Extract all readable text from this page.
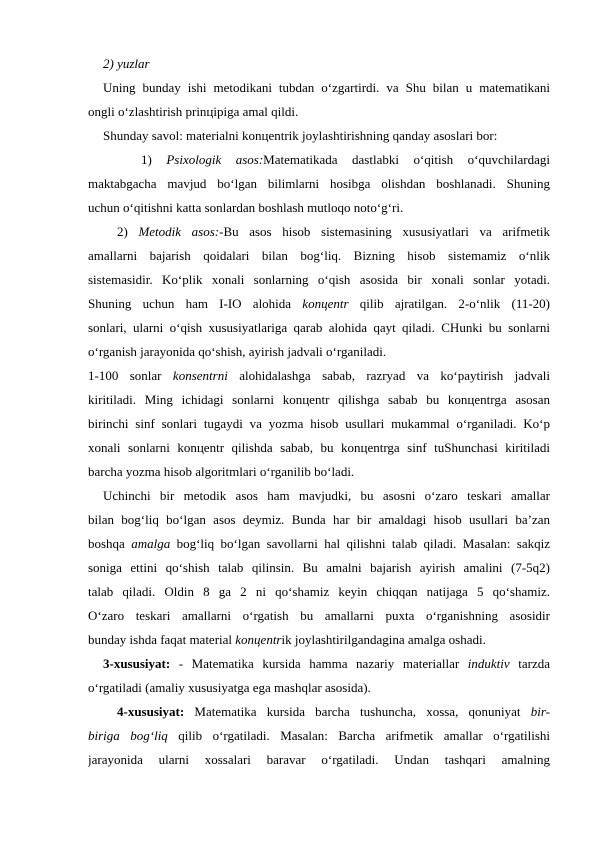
2) yuzlar
Uning bunday ishi metodikani tubdan o‘zgartirdi. va Shu bilan u matematikani
ongli o‘zlashtirish prinцipiga amal qildi.
Shunday savol: materialni konцentrik joylashtirishning qanday asoslari bor:
1) Psixologik asos:Matematikada dastlabki o‘qitish o‘quvchilardagi
maktabgacha mavjud bo‘lgan bilimlarni hosibga olishdan boshlanadi. Shuning
uchun o‘qitishni katta sonlardan boshlash mutloqo noto‘g‘ri.
2) Metodik asos:-Bu asos hisob sistemasining xususiyatlari va arifmetik
amallarni bajarish qoidalari bilan bog‘liq. Bizning hisob sistemamiz o‘nlik
sistemasidir. Ko‘plik xonali sonlarning o‘qish asosida bir xonali sonlar yotadi.
Shuning uchun ham I-IO alohida konцentr qilib ajratilgan. 2-o‘nlik (11-20)
sonlari, ularni o‘qish xususiyatlariga qarab alohida qayt qiladi. CHunki bu sonlarni
o‘rganish jarayonida qo‘shish, ayirish jadvali o‘rganiladi.
1-100 sonlar konsentrni alohidalashga sabab, razryad va ko‘paytirish jadvali
kiritiladi. Ming ichidagi sonlarni konцentr qilishga sabab bu konцentrga asosan
birinchi sinf sonlari tugaydi va yozma hisob usullari mukammal o‘rganiladi. Ko‘p
xonali sonlarni konцentr qilishda sabab, bu konцentrga sinf tuShunchasi kiritiladi
barcha yozma hisob algoritmlari o‘rganilib bo‘ladi.
Uchinchi bir metodik asos ham mavjudki, bu asosni o‘zaro teskari amallar
bilan bog‘liq bo‘lgan asos deymiz. Bunda har bir amaldagi hisob usullari ba’zan
boshqa amalga bog‘liq bo‘lgan savollarni hal qilishni talab qiladi. Masalan: sakqiz
soniga ettini qo‘shish talab qilinsin. Bu amalni bajarish ayirish amalini (7-5q2)
talab qiladi. Oldin 8 ga 2 ni qo‘shamiz keyin chiqqan natijaga 5 qo‘shamiz.
O‘zaro teskari amallarni o‘rgatish bu amallarni puxta o‘rganishning asosidir
bunday ishda faqat material konцentrik joylashtirilgandagina amalga oshadi.
3-xususiyat: - Matematika kursida hamma nazariy materiallar induktiv tarzda
o‘rgatiladi (amaliy xususiyatga ega mashqlar asosida).
4-xususiyat: Matematika kursida barcha tushuncha, xossa, qonuniyat bir-
biriga bog‘liq qilib o‘rgatiladi. Masalan: Barcha arifmetik amallar o‘rgatilishi
jarayonida ularni xossalari baravar o‘rgatiladi. Undan tashqari amalning
